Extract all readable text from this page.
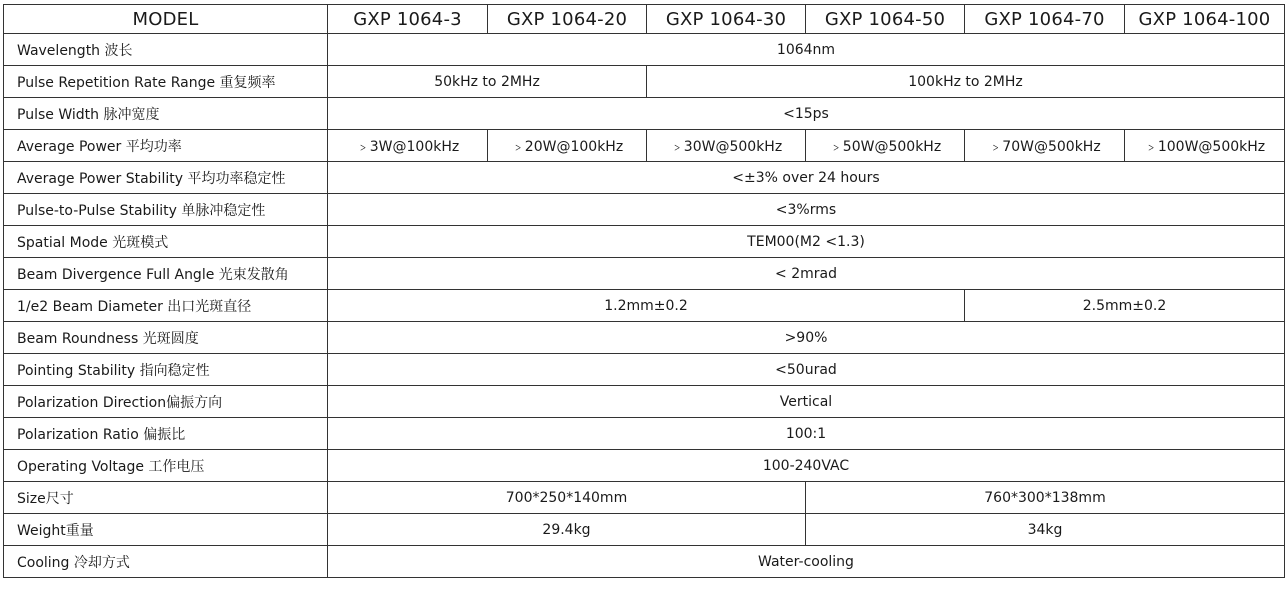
MODEL	GXP 1064-3	GXP 1064-20	GXP 1064-30	GXP 1064-50	GXP 1064-70	GXP 1064-100
Wavelength 波长	1064nm					
Pulse Repetition Rate Range 重复频率	50kHz to 2MHz		100kHz to 2MHz			
Pulse Width 脉冲宽度	<15ps					
Average Power 平均功率	﹥3W@100kHz	﹥20W@100kHz	﹥30W@500kHz	﹥50W@500kHz	﹥70W@500kHz	﹥100W@500kHz
Average Power Stability 平均功率稳定性	<±3% over 24 hours					
Pulse-to-Pulse Stability 单脉冲稳定性	<3%rms					
Spatial Mode 光斑模式	TEM00(M2 <1.3)					
Beam Divergence Full Angle 光束发散角	< 2mrad					
1/e2 Beam Diameter 出口光斑直径	1.2mm±0.2				2.5mm±0.2	
Beam Roundness 光斑圆度	>90%					
Pointing Stability 指向稳定性	<50urad					
Polarization Direction偏振方向	Vertical					
Polarization Ratio 偏振比	100:1					
Operating Voltage 工作电压	100-240VAC					
Size尺寸	700*250*140mm			760*300*138mm		
Weight重量	29.4kg			34kg		
Cooling 冷却方式	Water-cooling					
